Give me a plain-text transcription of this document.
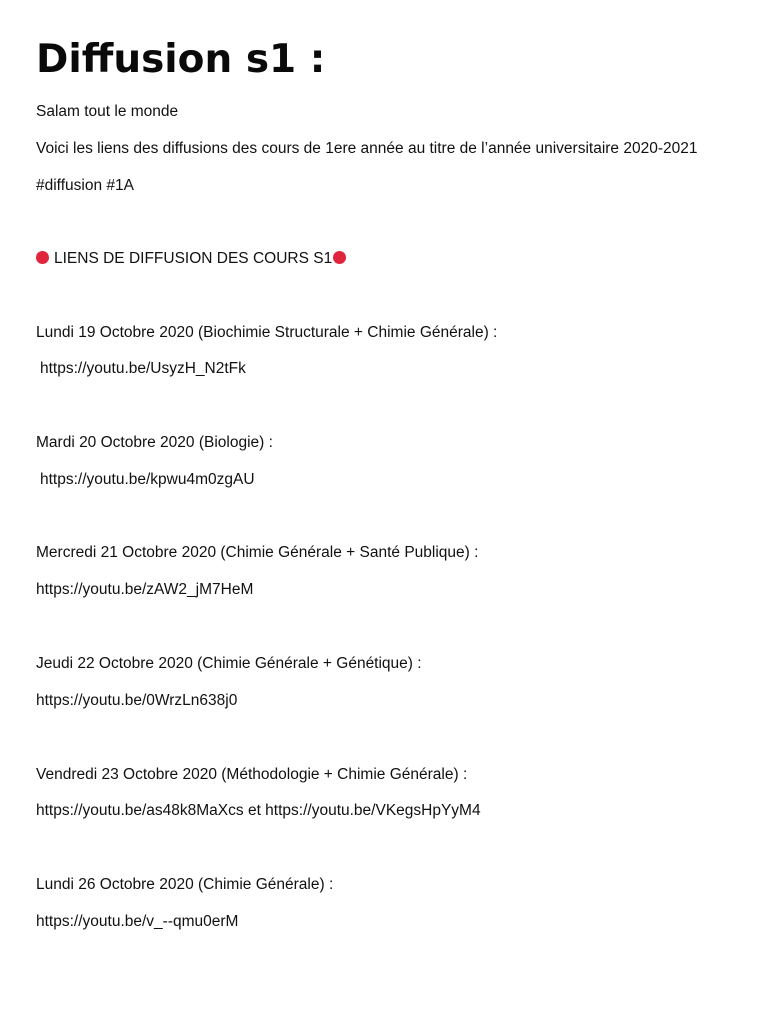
Diffusion s1 :
Salam tout le monde
Voici les liens des diffusions des cours de 1ere année au titre de l’année universitaire 2020-2021
#diffusion #1A
LIENS DE DIFFUSION DES COURS S1
Lundi 19 Octobre 2020 (Biochimie Structurale + Chimie Générale) :
https://youtu.be/UsyzH_N2tFk
Mardi 20 Octobre 2020 (Biologie) :
https://youtu.be/kpwu4m0zgAU
Mercredi 21 Octobre 2020 (Chimie Générale + Santé Publique) :
https://youtu.be/zAW2_jM7HeM
Jeudi 22 Octobre 2020 (Chimie Générale + Génétique) :
https://youtu.be/0WrzLn638j0
Vendredi 23 Octobre 2020 (Méthodologie + Chimie Générale) :
https://youtu.be/as48k8MaXcs et https://youtu.be/VKegsHpYyM4
Lundi 26 Octobre 2020 (Chimie Générale) :
https://youtu.be/v_--qmu0erM
